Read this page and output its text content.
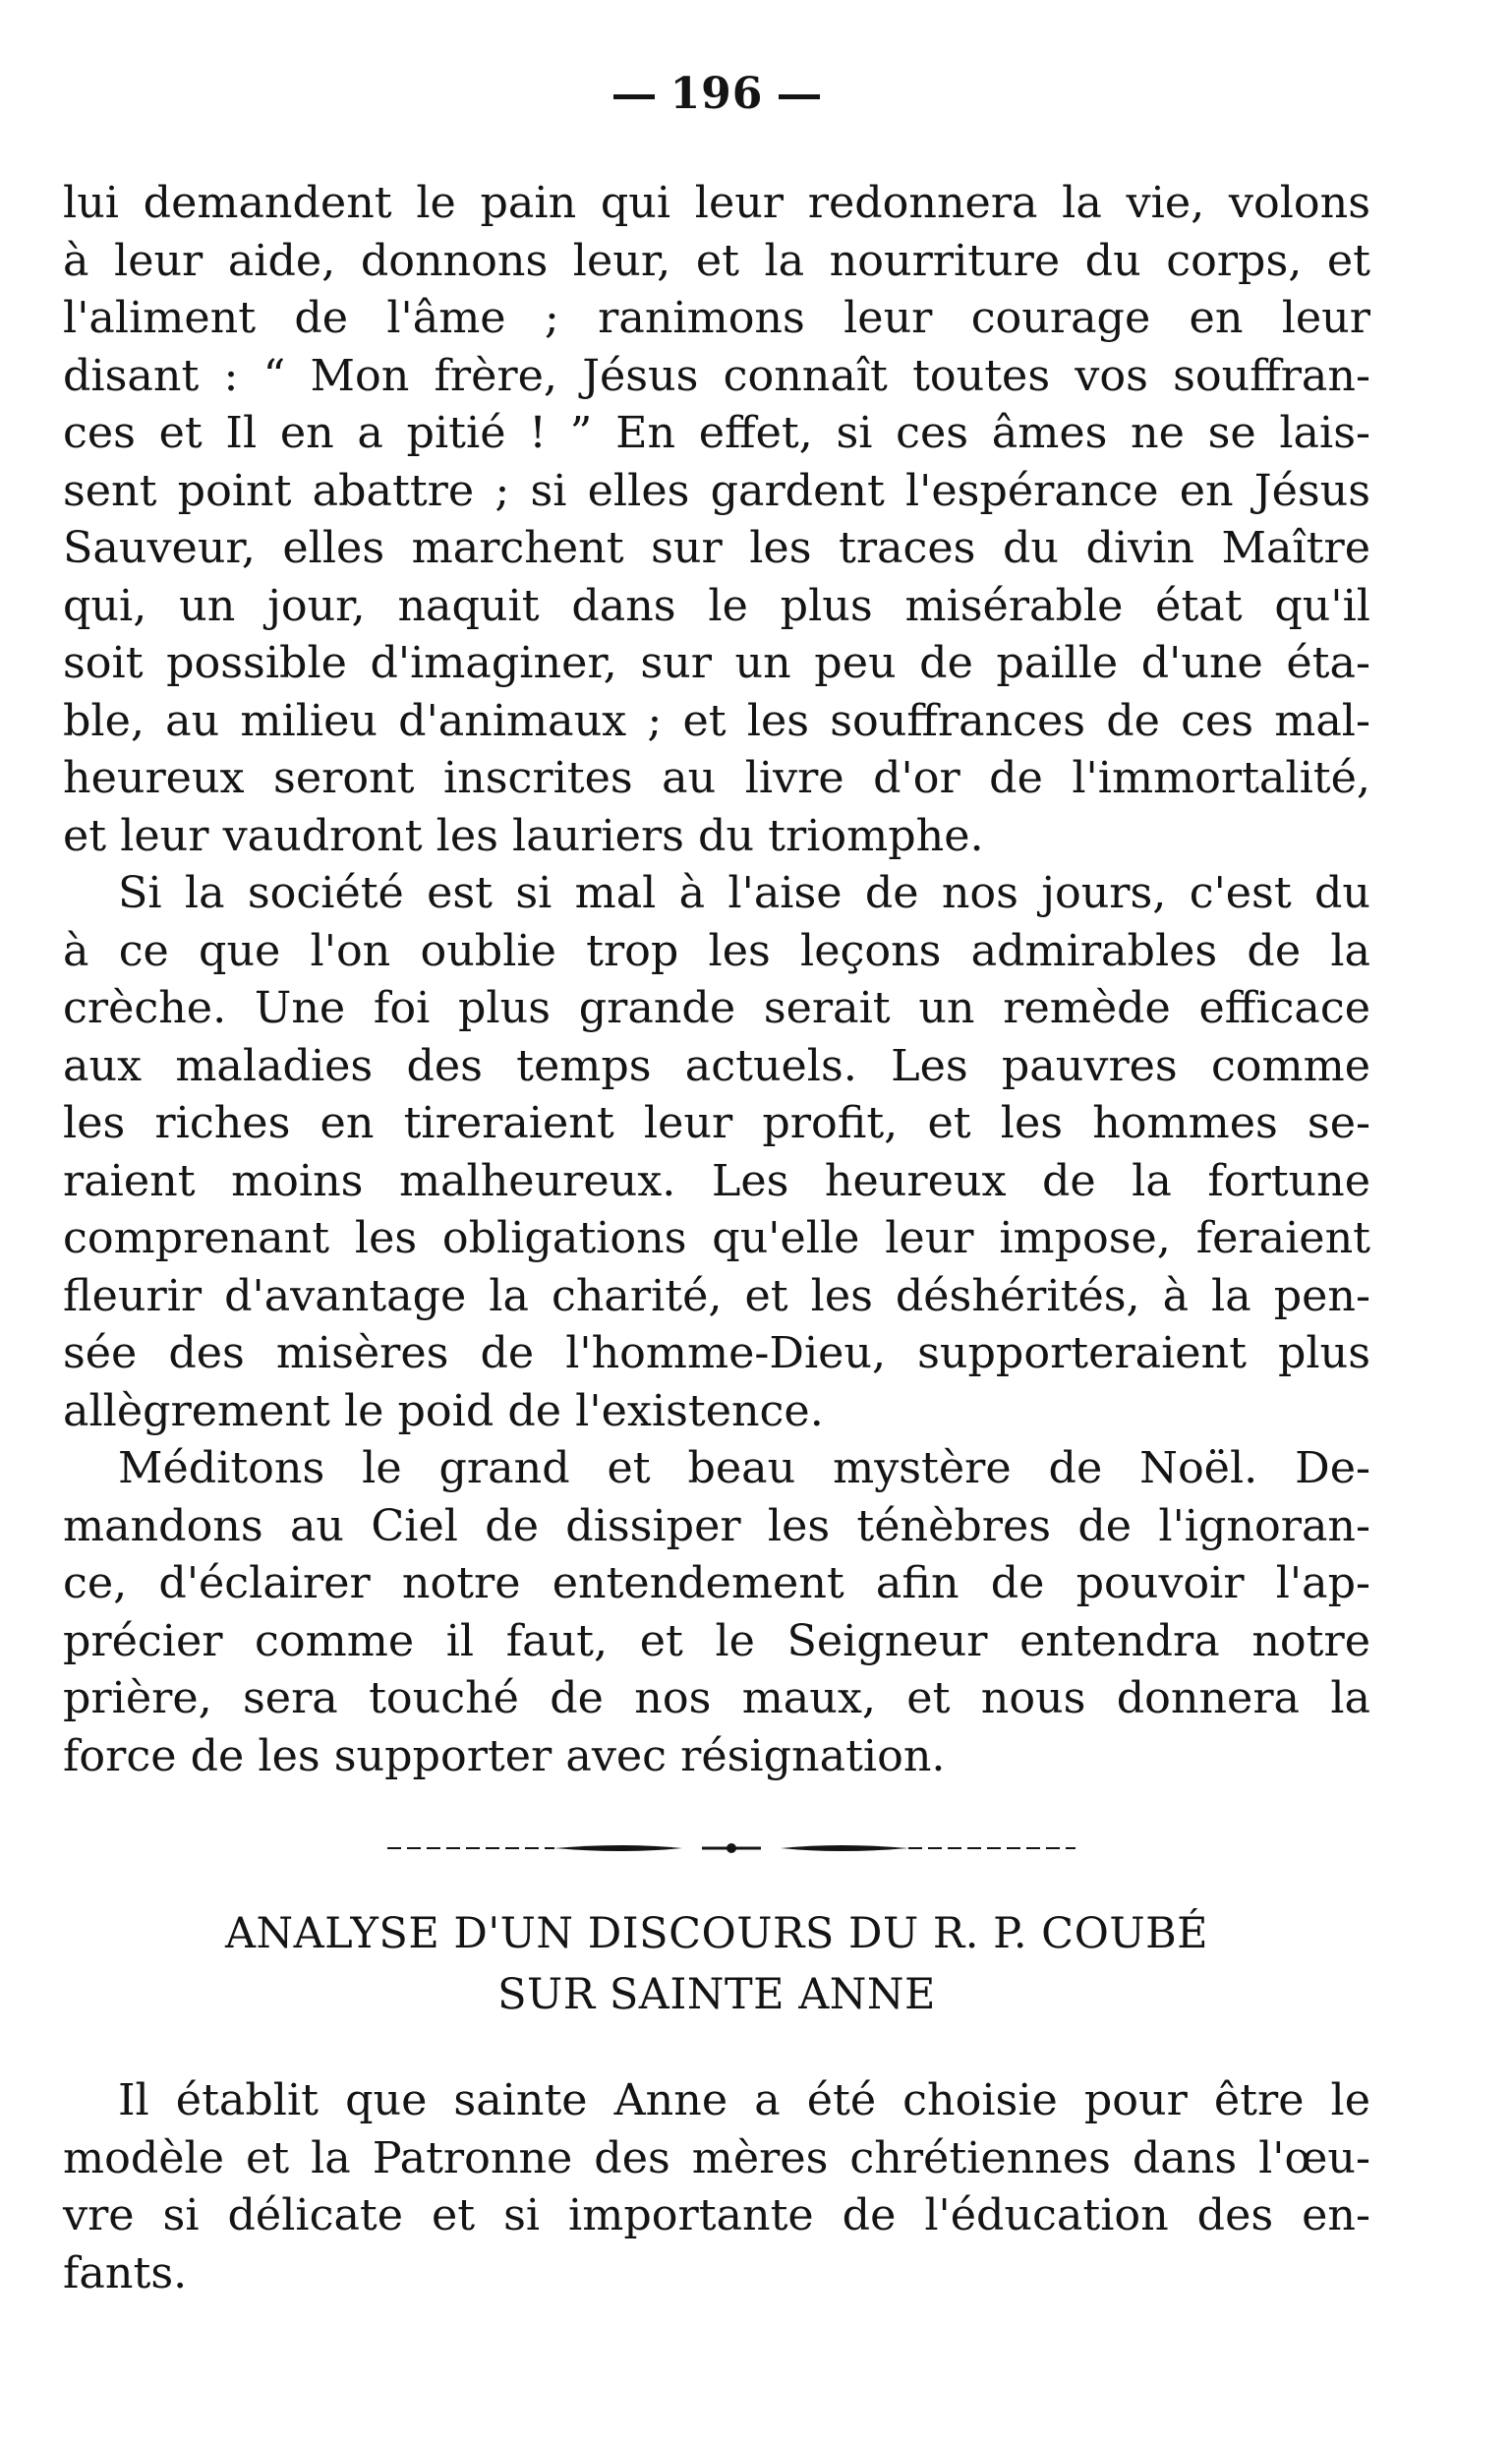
196

lui demandent le pain qui leur redonnera la vie, volons
à leur aide, donnons leur, et la nourriture du corps, et
l'aliment de l'âme ; ranimons leur courage en leur
disant : “ Mon frère, Jésus connaît toutes vos souffran-
ces et Il en a pitié ! ” En effet, si ces âmes ne se lais-
sent point abattre ; si elles gardent l'espérance en Jésus
Sauveur, elles marchent sur les traces du divin Maître
qui, un jour, naquit dans le plus misérable état qu'il
soit possible d'imaginer, sur un peu de paille d'une éta-
ble, au milieu d'animaux ; et les souffrances de ces mal-
heureux seront inscrites au livre d'or de l'immortalité,
et leur vaudront les lauriers du triomphe.

Si la société est si mal à l'aise de nos jours, c'est du
à ce que l'on oublie trop les leçons admirables de la
crèche. Une foi plus grande serait un remède efficace
aux maladies des temps actuels. Les pauvres comme
les riches en tireraient leur profit, et les hommes se-
raient moins malheureux. Les heureux de la fortune
comprenant les obligations qu'elle leur impose, feraient
fleurir d'avantage la charité, et les déshérités, à la pen-
sée des misères de l'homme-Dieu, supporteraient plus
allègrement le poid de l'existence.

Méditons le grand et beau mystère de Noël. De-
mandons au Ciel de dissiper les ténèbres de l'ignoran-
ce, d'éclairer notre entendement afin de pouvoir l'ap-
précier comme il faut, et le Seigneur entendra notre
prière, sera touché de nos maux, et nous donnera la
force de les supporter avec résignation.

ANALYSE D'UN DISCOURS DU R. P. COUBÉ

SUR SAINTE ANNE

Il établit que sainte Anne a été choisie pour être le
modèle et la Patronne des mères chrétiennes dans l'œu-
vre si délicate et si importante de l'éducation des en-
fants.
